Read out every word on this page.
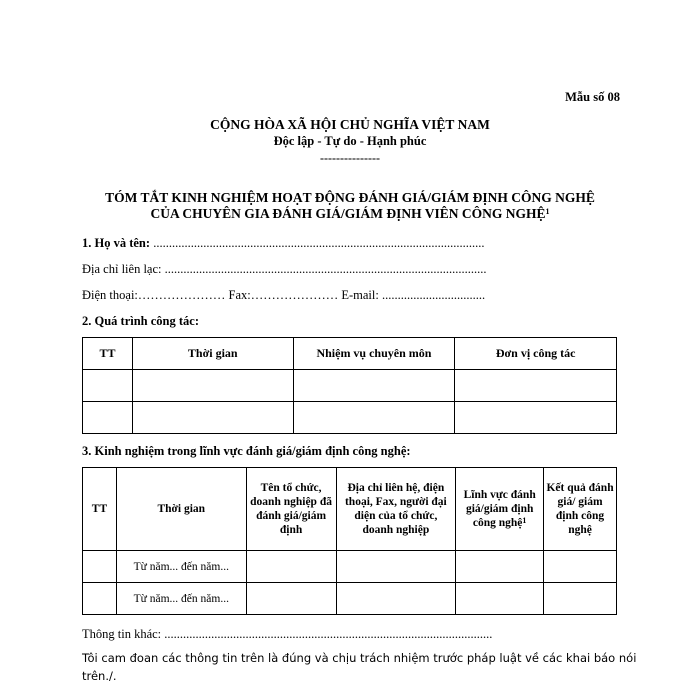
Mẫu số 08
CỘNG HÒA XÃ HỘI CHỦ NGHĨA VIỆT NAM
Độc lập - Tự do - Hạnh phúc
---------------
TÓM TẮT KINH NGHIỆM HOẠT ĐỘNG ĐÁNH GIÁ/GIÁM ĐỊNH CÔNG NGHỆ
CỦA CHUYÊN GIA ĐÁNH GIÁ/GIÁM ĐỊNH VIÊN CÔNG NGHỆ$^1$
1. Họ và tên: ..........................................................................................................
Địa chỉ liên lạc: .......................................................................................................
Điện thoại:………………… Fax:………………… E-mail: .................................
2. Quá trình công tác:
TT	Thời gian	Nhiệm vụ chuyên môn	Đơn vị công tác

3. Kinh nghiệm trong lĩnh vực đánh giá/giám định công nghệ:
TT	Thời gian	Tên tổ chức, doanh nghiệp đã đánh giá/giám định	Địa chỉ liên hệ, điện thoại, Fax, người đại diện của tổ chức, doanh nghiệp	Lĩnh vực đánh giá/giám định công nghệ$^1$	Kết quả đánh giá/ giám định công nghệ
	Từ năm... đến năm...				
	Từ năm... đến năm...				
Thông tin khác: .........................................................................................................
Tôi cam đoan các thông tin trên là đúng và chịu trách nhiệm trước pháp luật về các khai báo nói
trên./.
